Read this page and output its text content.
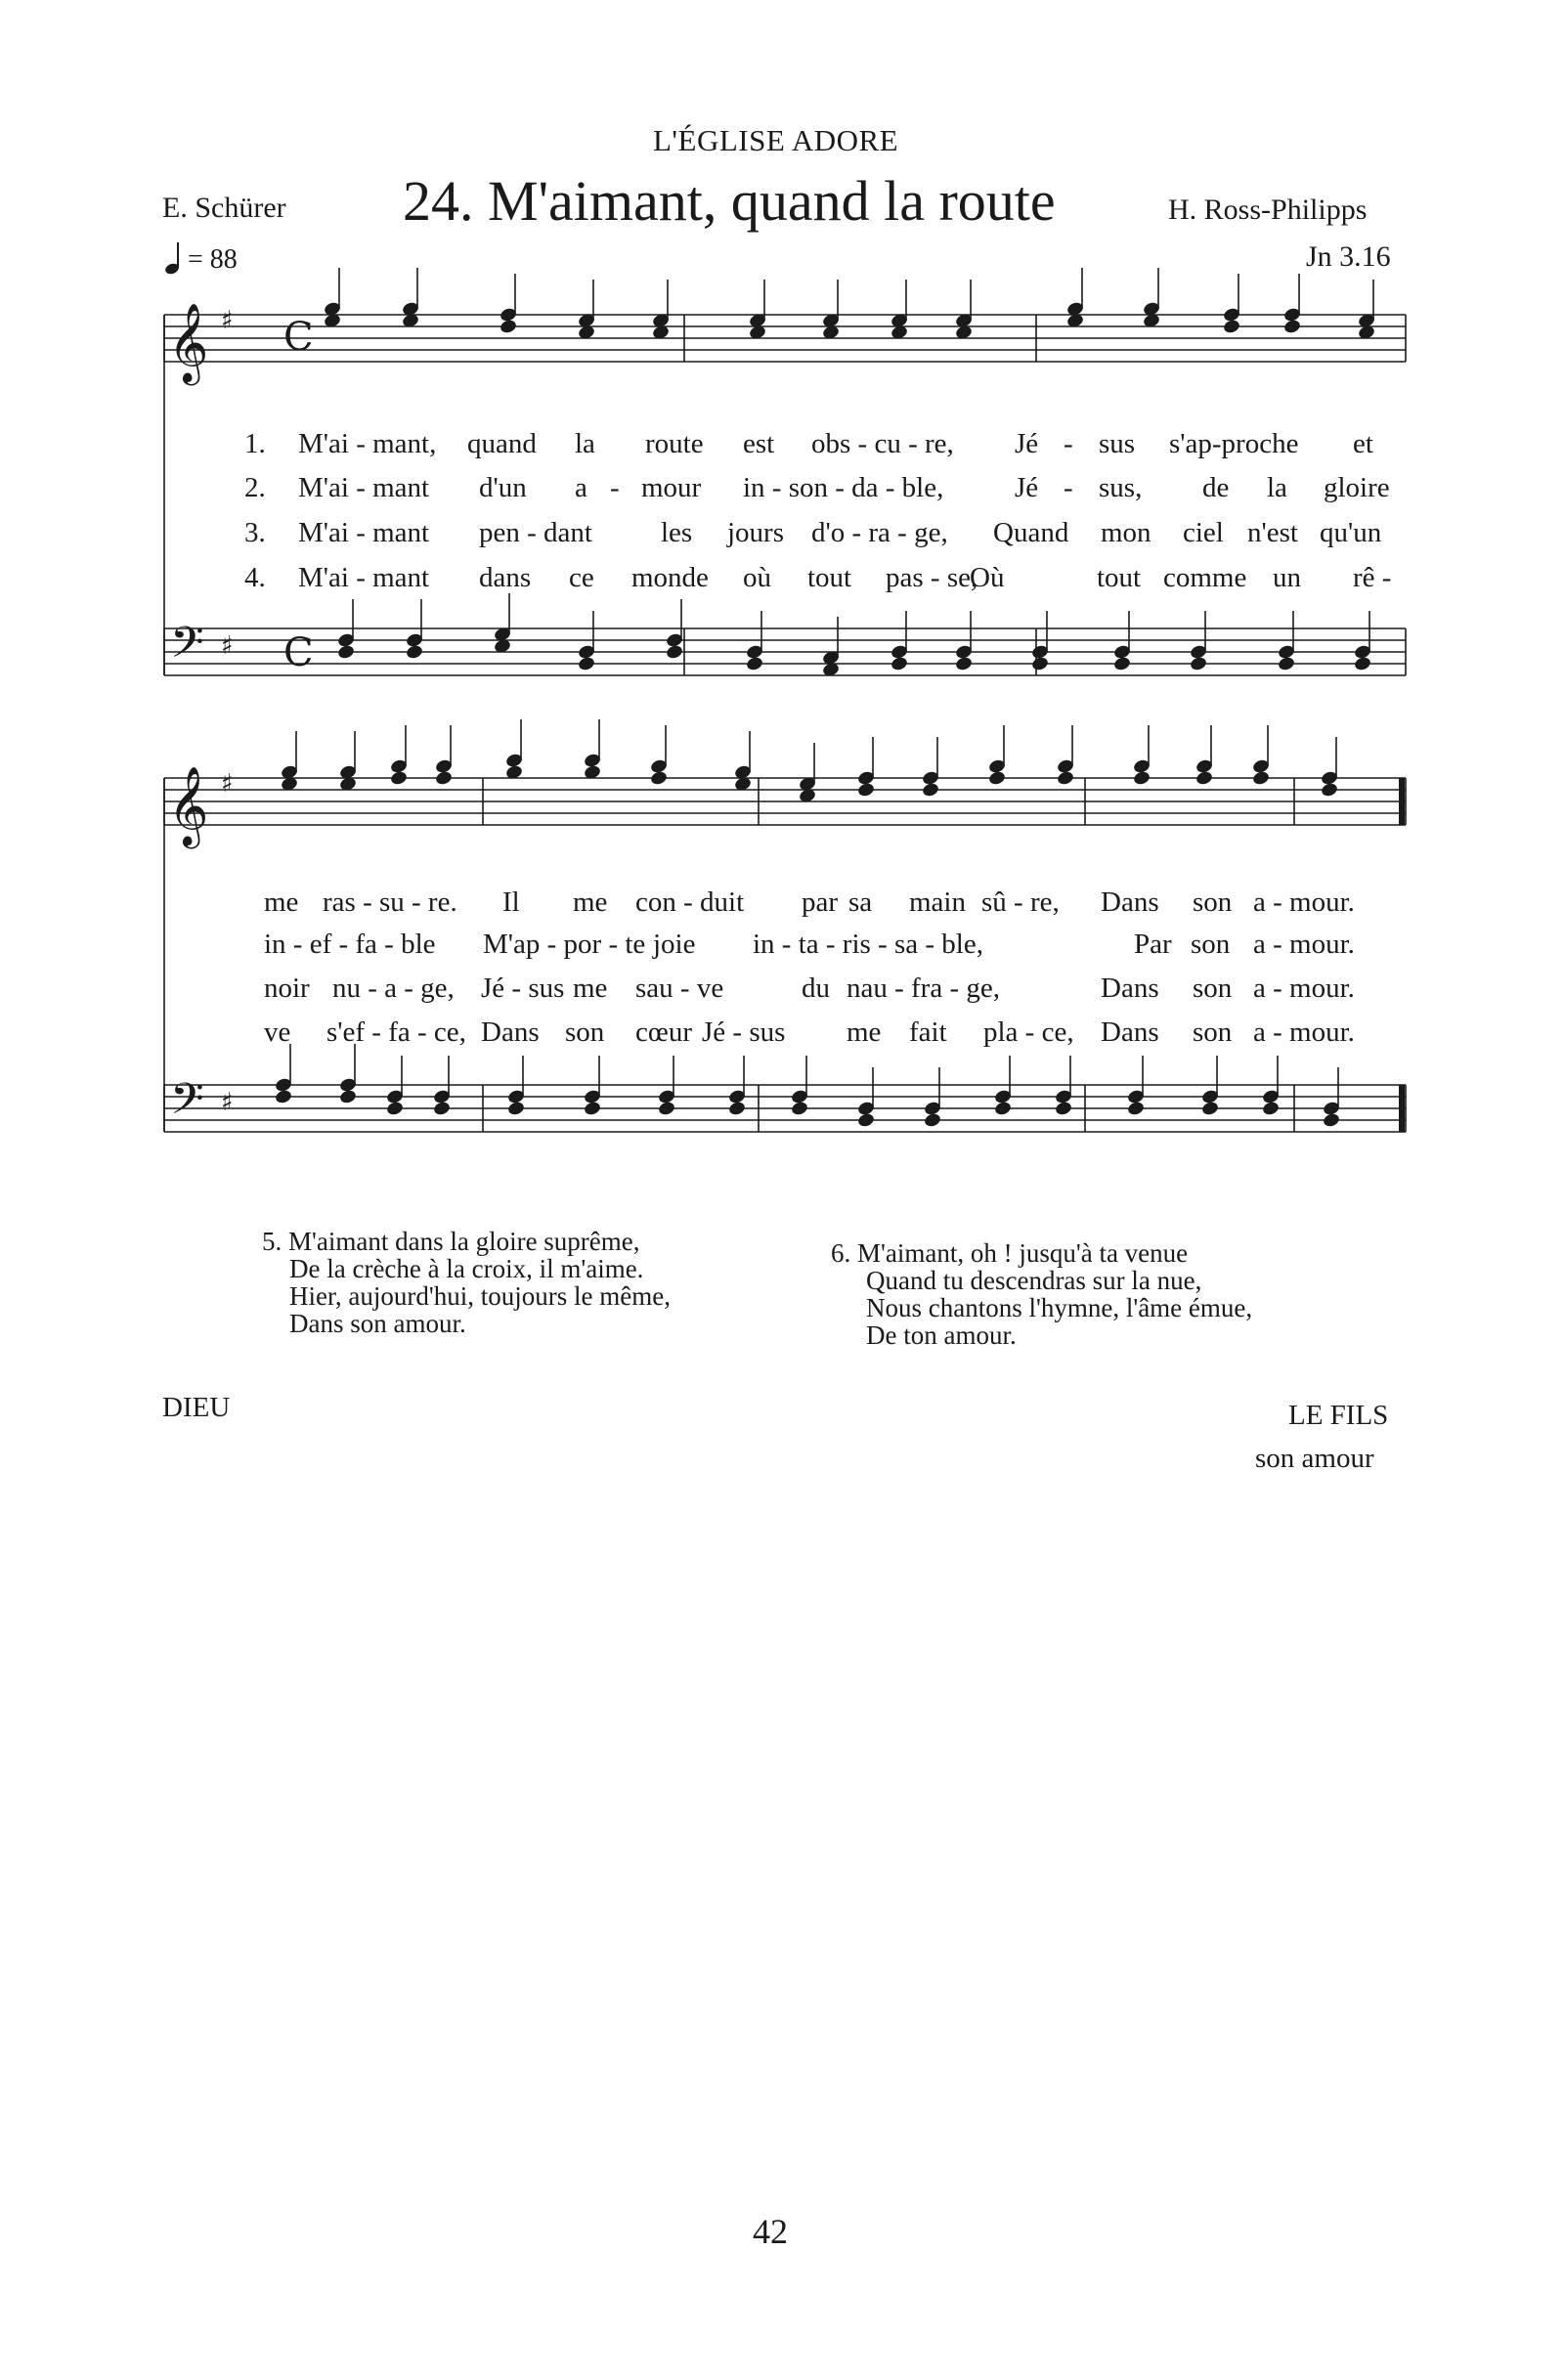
L'ÉGLISE ADORE
E. Schürer 24. M'aimant, quand la route	H. Ross-Philipps
= 88	Jn 3.16
𝄞
𝄢
♯
♯
𝄞
𝄢
♯
♯
C
C
1. M'ai - mant, quand la route est obs - cu - re, Jé - sus s'ap-proche et
2. M'ai - mant d'un a - mour in - son - da - ble,	Jé - sus, de la gloire
3. M'ai - mant pen - dant les jours d'o - ra - ge, Quand mon ciel n'est qu'un
4. M'ai - mant dans ce monde où tout pas - se,
Où	tout comme un rê -
me ras - su - re. Il me con - duit par sa main sû - re, Dans son a - mour.
in - ef - fa - ble M'ap - por - te joie in - ta - ris - sa - ble,	Par son a - mour.
noir nu - a - ge, Jé - sus me sau - ve	du nau - fra - ge,	Dans son a - mour.
ve s'ef - fa - ce, Dans son cœur Jé - sus me fait pla - ce, Dans son a - mour.
5. M'aimant dans la gloire suprême,
De la crèche à la croix, il m'aime.
Hier, aujourd'hui, toujours le même,
Dans son amour.
6. M'aimant, oh ! jusqu'à ta venue
Quand tu descendras sur la nue,
Nous chantons l'hymne, l'âme émue,
De ton amour.
DIEU	LE FILS
son amour
42
